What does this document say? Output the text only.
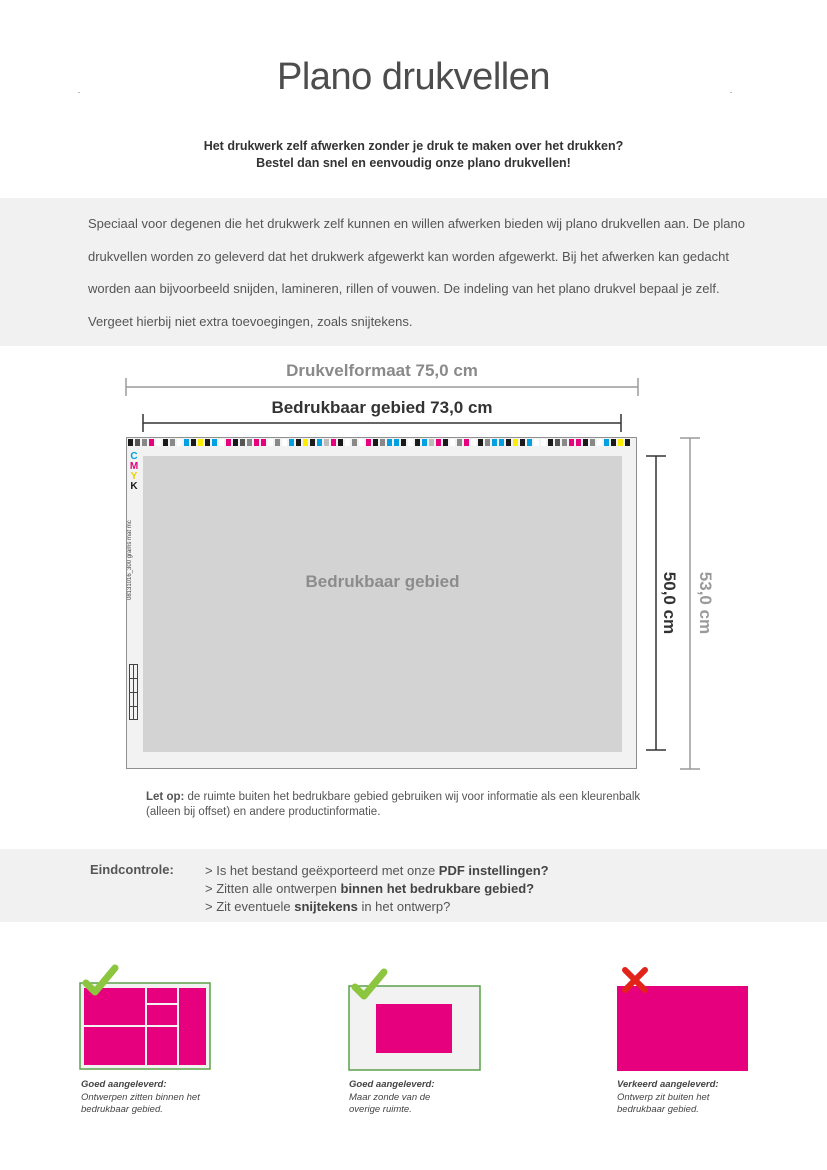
Plano drukvellen
Het drukwerk zelf afwerken zonder je druk te maken over het drukken?
Bestel dan snel en eenvoudig onze plano drukvellen!
Speciaal voor degenen die het drukwerk zelf kunnen en willen afwerken bieden wij plano drukvellen aan. De plano drukvellen worden zo geleverd dat het drukwerk afgewerkt kan worden afgewerkt. Bij het afwerken kan gedacht worden aan bijvoorbeeld snijden, lamineren, rillen of vouwen. De indeling van het plano drukvel bepaal je zelf. Vergeet hierbij niet extra toevoegingen, zoals snijtekens.
Drukvelformaat 75,0 cm
Bedrukbaar gebied 73,0 cm
50,0 cm 53,0 cm
Bedrukbaar gebied
C
M
Y
K
08131016_300 grams mat mc
Let op: de ruimte buiten het bedrukbare gebied gebruiken wij voor informatie als een kleurenbalk (alleen bij offset) en andere productinformatie.
Eindcontrole: > Is het bestand geëxporteerd met onze PDF instellingen?
> Zitten alle ontwerpen binnen het bedrukbare gebied?
> Zit eventuele snijtekens in het ontwerp?
Goed aangeleverd:
Ontwerpen zitten binnen het
bedrukbaar gebied.
Goed aangeleverd:
Maar zonde van de
overige ruimte.
Verkeerd aangeleverd:
Ontwerp zit buiten het
bedrukbaar gebied.
